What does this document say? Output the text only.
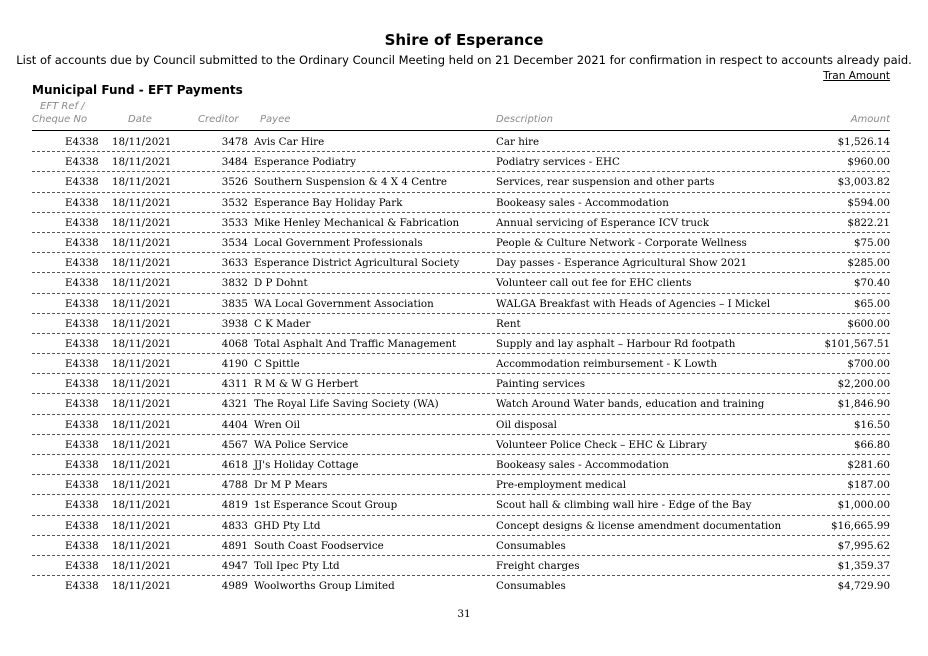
Shire of Esperance
List of accounts due by Council submitted to the Ordinary Council Meeting held on 21 December 2021 for confirmation in respect to accounts already paid.
Tran Amount
Municipal Fund - EFT Payments
EFT Ref /
Cheque No	Date	Creditor Payee	Description	Amount
E4338 18/11/2021	3478 Avis Car Hire	Car hire	$1,526.14
E4338 18/11/2021	3484 Esperance Podiatry	Podiatry services - EHC	$960.00
E4338 18/11/2021	3526 Southern Suspension & 4 X 4 Centre	Services, rear suspension and other parts	$3,003.82
E4338 18/11/2021	3532 Esperance Bay Holiday Park	Bookeasy sales - Accommodation	$594.00
E4338 18/11/2021	3533 Mike Henley Mechanical & Fabrication	Annual servicing of Esperance ICV truck	$822.21
E4338 18/11/2021	3534 Local Government Professionals	People & Culture Network - Corporate Wellness	$75.00
E4338 18/11/2021	3633 Esperance District Agricultural Society	Day passes - Esperance Agricultural Show 2021	$285.00
E4338 18/11/2021	3832 D P Dohnt	Volunteer call out fee for EHC clients	$70.40
E4338 18/11/2021	3835 WA Local Government Association	WALGA Breakfast with Heads of Agencies – I Mickel	$65.00
E4338 18/11/2021	3938 C K Mader	Rent	$600.00
E4338 18/11/2021	4068 Total Asphalt And Traffic Management	Supply and lay asphalt – Harbour Rd footpath	$101,567.51
E4338 18/11/2021	4190 C Spittle	Accommodation reimbursement - K Lowth	$700.00
E4338 18/11/2021	4311 R M & W G Herbert	Painting services	$2,200.00
E4338 18/11/2021	4321 The Royal Life Saving Society (WA)	Watch Around Water bands, education and training	$1,846.90
E4338 18/11/2021	4404 Wren Oil	Oil disposal	$16.50
E4338 18/11/2021	4567 WA Police Service	Volunteer Police Check – EHC & Library	$66.80
E4338 18/11/2021	4618 JJ's Holiday Cottage	Bookeasy sales - Accommodation	$281.60
E4338 18/11/2021	4788 Dr M P Mears	Pre-employment medical	$187.00
E4338 18/11/2021	4819 1st Esperance Scout Group	Scout hall & climbing wall hire - Edge of the Bay	$1,000.00
E4338 18/11/2021	4833 GHD Pty Ltd	Concept designs & license amendment documentation	$16,665.99
E4338 18/11/2021	4891 South Coast Foodservice	Consumables	$7,995.62
E4338 18/11/2021	4947 Toll Ipec Pty Ltd	Freight charges	$1,359.37
E4338 18/11/2021	4989 Woolworths Group Limited	Consumables	$4,729.90
31
